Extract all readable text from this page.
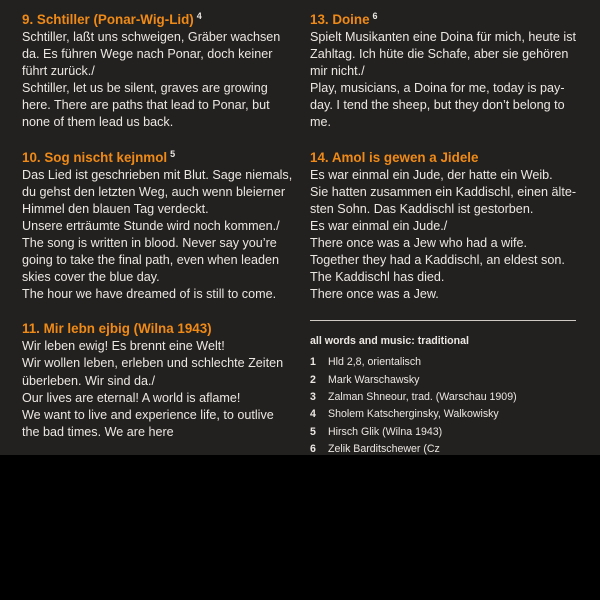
9. Schtiller (Ponar-Wig-Lid) $^4$
Schtiller, laßt uns schweigen, Gräber wachsen
da. Es führen Wege nach Ponar, doch keiner
führt zurück./
Schtiller, let us be silent, graves are growing
here. There are paths that lead to Ponar, but
none of them lead us back.
10. Sog nischt kejnmol $^5$
Das Lied ist geschrieben mit Blut. Sage niemals,
du gehst den letzten Weg, auch wenn bleierner
Himmel den blauen Tag verdeckt.
Unsere erträumte Stunde wird noch kommen./
The song is written in blood. Never say you’re
going to take the final path, even when leaden
skies cover the blue day.
The hour we have dreamed of is still to come.
11. Mir lebn ejbig (Wilna 1943)
Wir leben ewig! Es brennt eine Welt!
Wir wollen leben, erleben und schlechte Zeiten
überleben. Wir sind da./
Our lives are eternal! A world is aflame!
We want to live and experience life, to outlive
the bad times. We are here
13. Doine $^6$
Spielt Musikanten eine Doina für mich, heute ist
Zahltag. Ich hüte die Schafe, aber sie gehören
mir nicht./
Play, musicians, a Doina for me, today is pay-
day. I tend the sheep, but they don’t belong to
me.
14. Amol is gewen a Jidele
Es war einmal ein Jude, der hatte ein Weib.
Sie hatten zusammen ein Kaddischl, einen älte-
sten Sohn. Das Kaddischl ist gestorben.
Es war einmal ein Jude./
There once was a Jew who had a wife.
Together they had a Kaddischl, an eldest son.
The Kaddischl has died.
There once was a Jew.
all words and music: traditional
1 Hld 2,8, orientalisch
2 Mark Warschawsky
3 Zalman Shneour, trad. (Warschau 1909)
4 Sholem Katscherginsky, Walkowisky
5 Hirsch Glik (Wilna 1943)
6 Zelik Barditschewer (Cz
